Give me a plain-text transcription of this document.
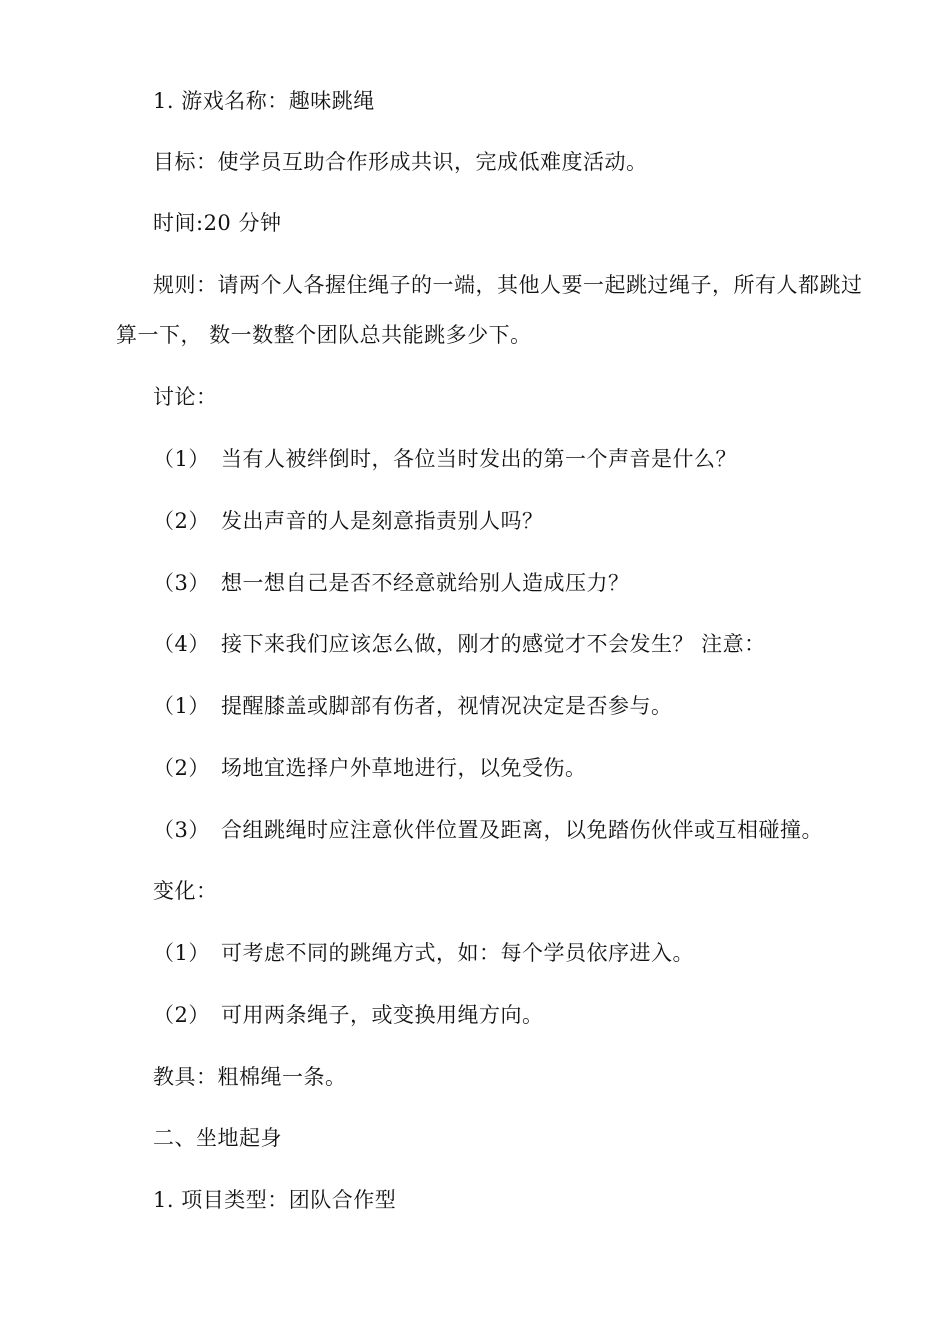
1. 游戏名称：趣味跳绳
目标：使学员互助合作形成共识，完成低难度活动。
时间:20 分钟
规则：请两个人各握住绳子的一端，其他人要一起跳过绳子，所有人都跳过
算一下， 数一数整个团队总共能跳多少下。
讨论：
（1） 当有人被绊倒时，各位当时发出的第一个声音是什么？
（2） 发出声音的人是刻意指责别人吗？
（3） 想一想自己是否不经意就给别人造成压力？
（4） 接下来我们应该怎么做，刚才的感觉才不会发生？ 注意：
（1） 提醒膝盖或脚部有伤者，视情况决定是否参与。
（2） 场地宜选择户外草地进行，以免受伤。
（3） 合组跳绳时应注意伙伴位置及距离，以免踏伤伙伴或互相碰撞。
变化：
（1） 可考虑不同的跳绳方式，如：每个学员依序进入。
（2） 可用两条绳子，或变换用绳方向。
教具：粗棉绳一条。
二、坐地起身
1. 项目类型：团队合作型
